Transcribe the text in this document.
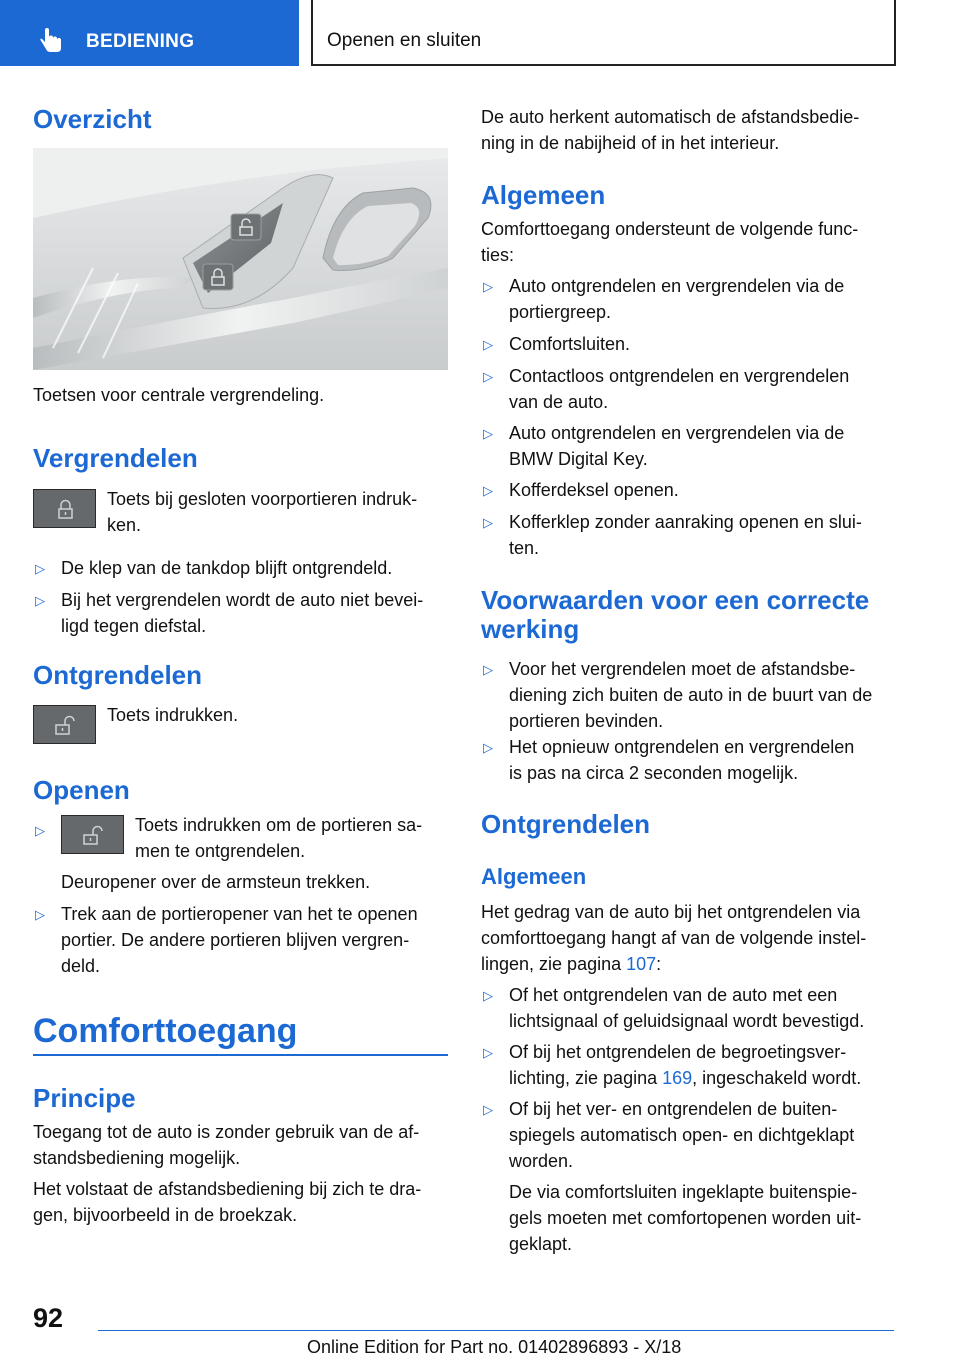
BEDIENING	Openen en sluiten
Overzicht
Toetsen voor centrale vergrendeling.
Vergrendelen
Toets bij gesloten voorportieren indruk-
ken.
▷ De klep van de tankdop blijft ontgrendeld.
▷ Bij het vergrendelen wordt de auto niet bevei-
ligd tegen diefstal.
Ontgrendelen
Toets indrukken.
Openen
▷	Toets indrukken om de portieren sa-
men te ontgrendelen.
Deuropener over de armsteun trekken.
▷ Trek aan de portieropener van het te openen
portier. De andere portieren blijven vergren-
deld.
Comforttoegang
Principe
Toegang tot de auto is zonder gebruik van de af-
standsbediening mogelijk.
Het volstaat de afstandsbediening bij zich te dra-
gen, bijvoorbeeld in de broekzak.
De auto herkent automatisch de afstandsbedie-
ning in de nabijheid of in het interieur.
Algemeen
Comforttoegang ondersteunt de volgende func-
ties:
▷ Auto ontgrendelen en vergrendelen via de
portiergreep.
▷ Comfortsluiten.
▷ Contactloos ontgrendelen en vergrendelen
van de auto.
▷ Auto ontgrendelen en vergrendelen via de
BMW Digital Key.
▷ Kofferdeksel openen.
▷ Kofferklep zonder aanraking openen en slui-
ten.
Voorwaarden voor een correcte
werking
▷ Voor het vergrendelen moet de afstandsbe-
diening zich buiten de auto in de buurt van de
portieren bevinden.
▷ Het opnieuw ontgrendelen en vergrendelen
is pas na circa 2 seconden mogelijk.
Ontgrendelen
Algemeen
Het gedrag van de auto bij het ontgrendelen via
comforttoegang hangt af van de volgende instel-
lingen, zie pagina 107:
▷ Of het ontgrendelen van de auto met een
lichtsignaal of geluidsignaal wordt bevestigd.
▷ Of bij het ontgrendelen de begroetingsver-
lichting, zie pagina 169, ingeschakeld wordt.
▷ Of bij het ver- en ontgrendelen de buiten-
spiegels automatisch open- en dichtgeklapt
worden.
De via comfortsluiten ingeklapte buitenspie-
gels moeten met comfortopenen worden uit-
geklapt.
92
Online Edition for Part no. 01402896893 - X/18
